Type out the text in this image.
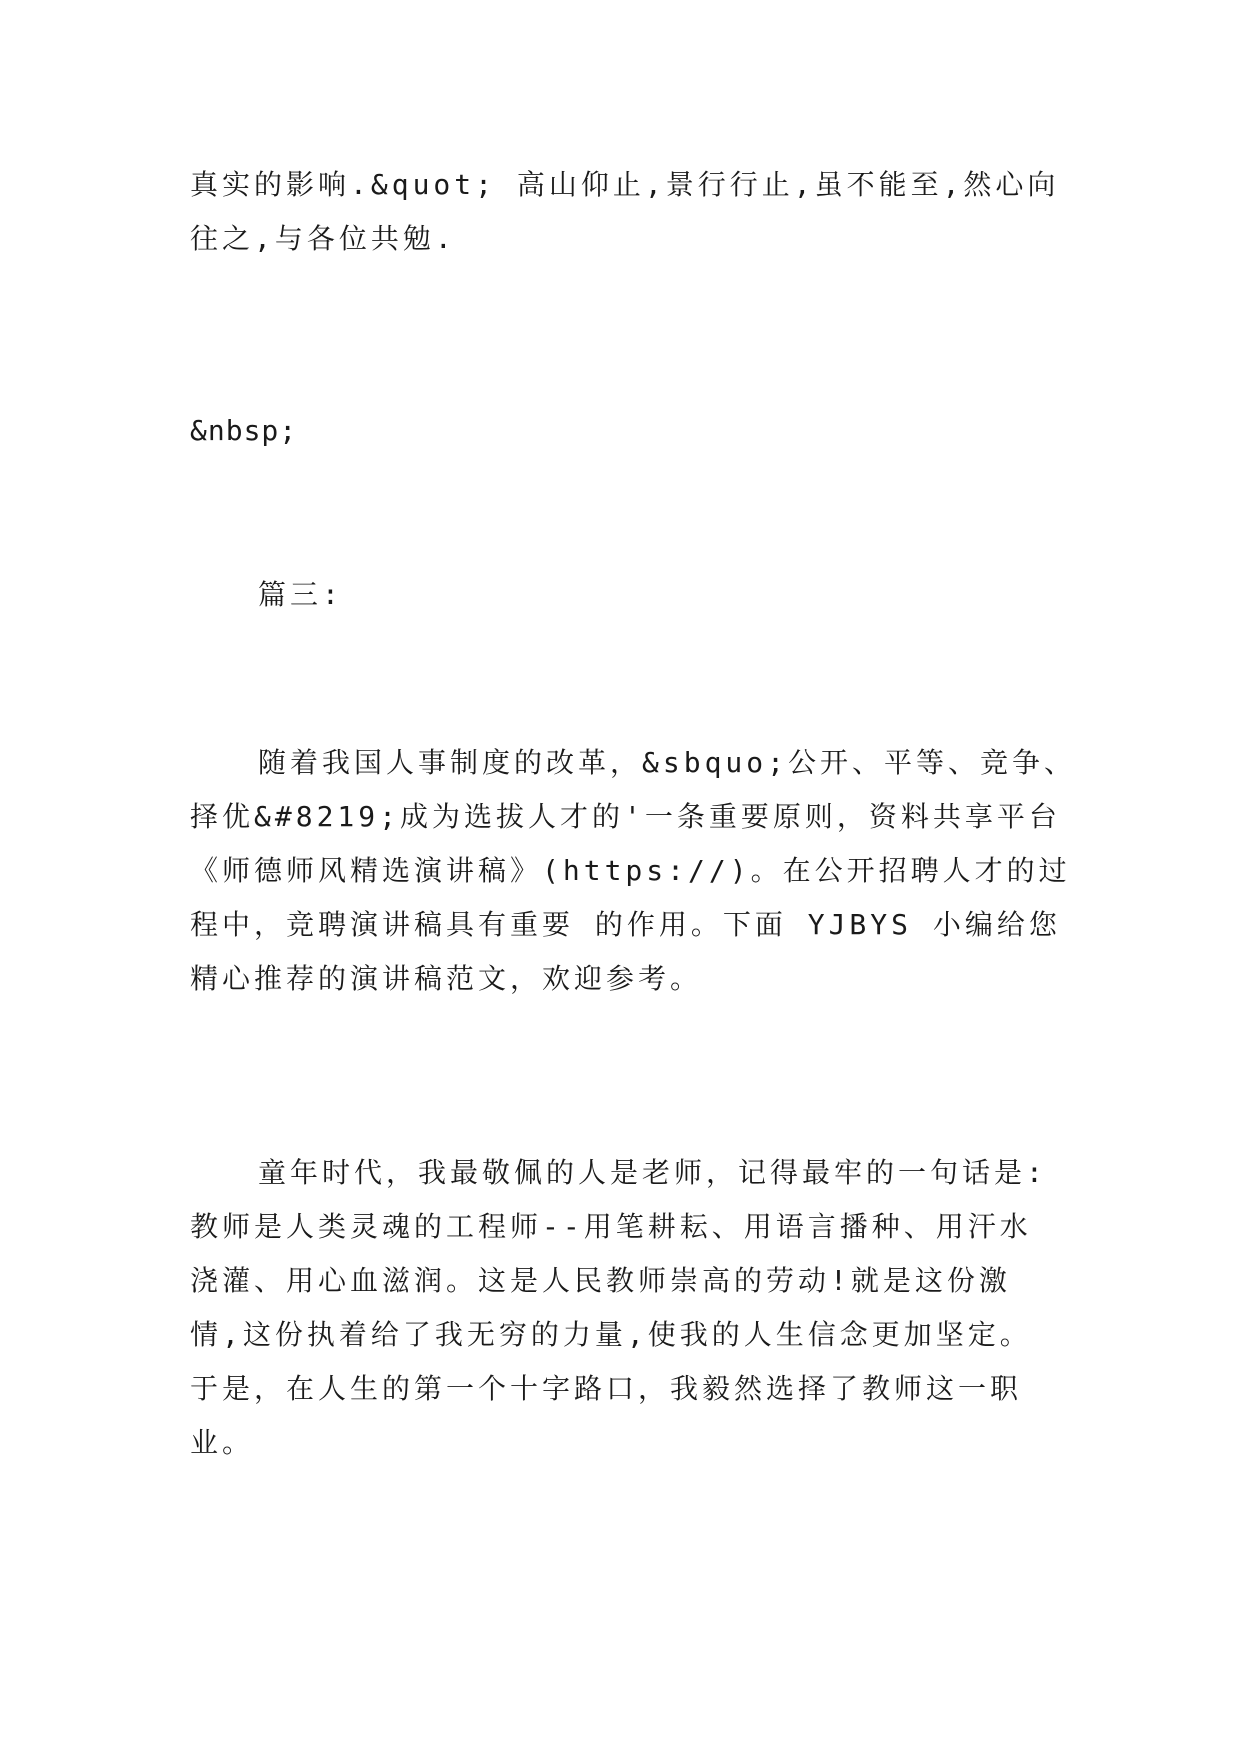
真实的影响.&quot; 高山仰止,景行行止,虽不能至,然心向
往之,与各位共勉.
&nbsp;
篇三:
随着我国人事制度的改革，&sbquo;公开、平等、竞争、
择优&#8219;成为选拔人才的'一条重要原则，资料共享平台
《师德师风精选演讲稿》(https://)。在公开招聘人才的过
程中，竞聘演讲稿具有重要 的作用。下面 YJBYS 小编给您
精心推荐的演讲稿范文，欢迎参考。
童年时代，我最敬佩的人是老师，记得最牢的一句话是:
教师是人类灵魂的工程师--用笔耕耘、用语言播种、用汗水
浇灌、用心血滋润。这是人民教师崇高的劳动!就是这份激
情,这份执着给了我无穷的力量,使我的人生信念更加坚定。
于是，在人生的第一个十字路口，我毅然选择了教师这一职
业。
